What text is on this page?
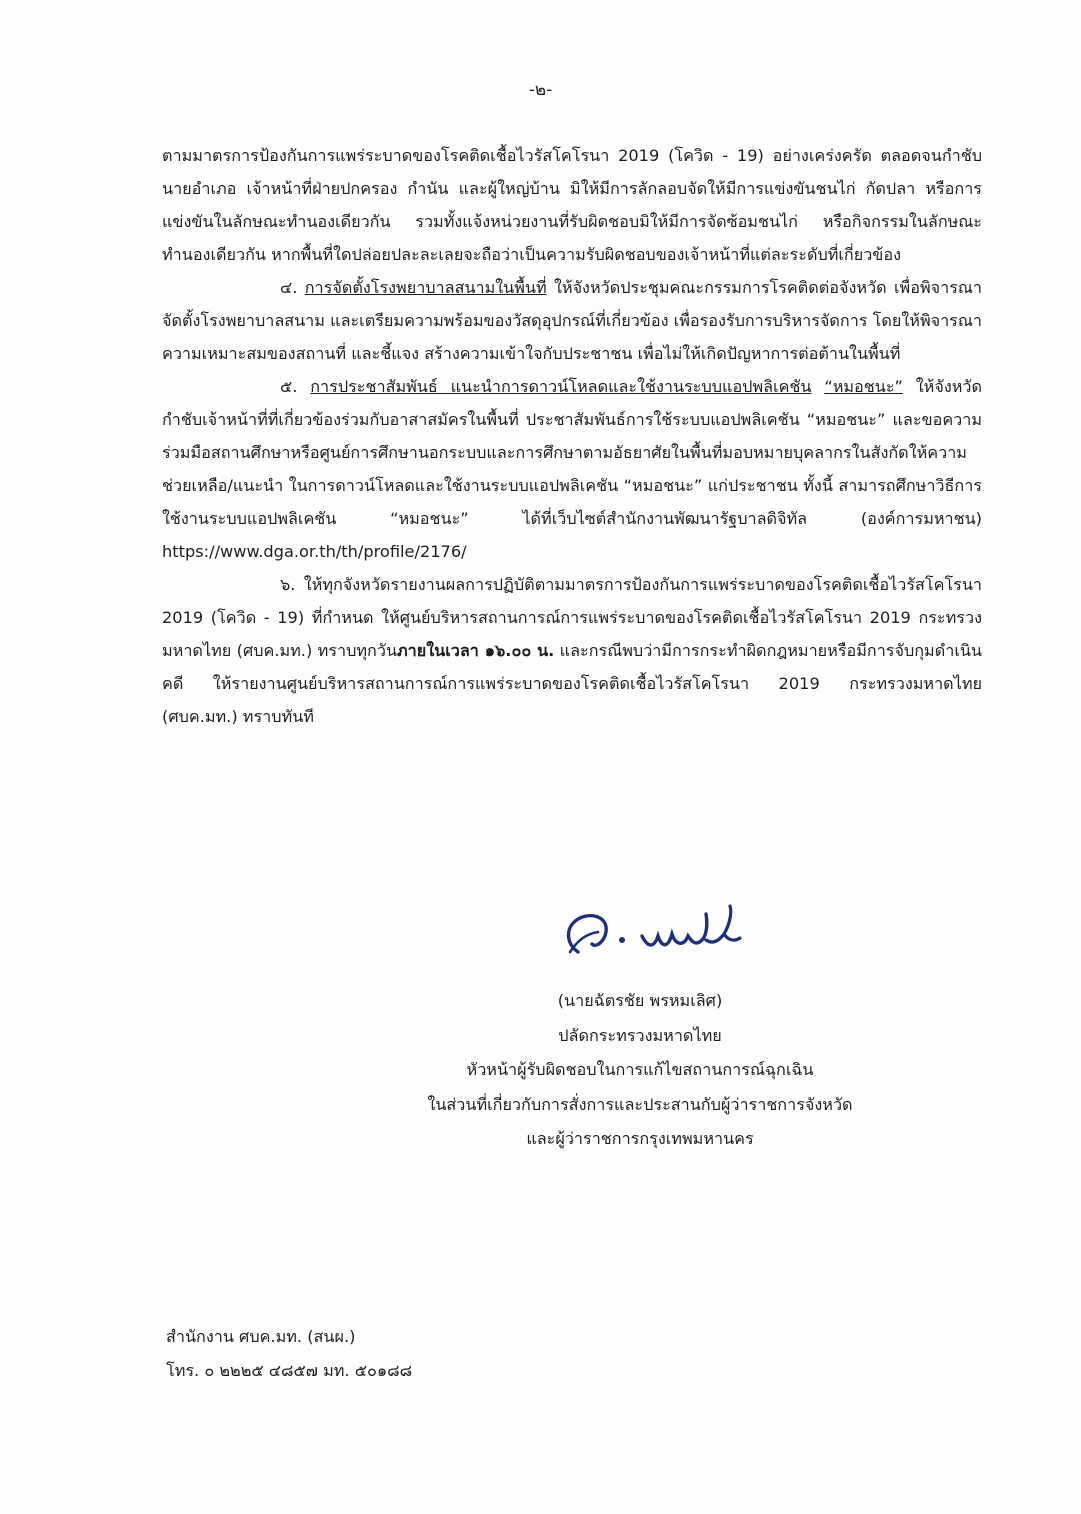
-๒-

ตามมาตรการป้องกันการแพร่ระบาดของโรคติดเชื้อไวรัสโคโรนา 2019 (โควิด - 19) อย่างเคร่งครัด ตลอดจนกำชับนายอำเภอ เจ้าหน้าที่ฝ่ายปกครอง กำนัน และผู้ใหญ่บ้าน มิให้มีการลักลอบจัดให้มีการแข่งขันชนไก่ กัดปลา หรือการแข่งขันในลักษณะทำนองเดียวกัน รวมทั้งแจ้งหน่วยงานที่รับผิดชอบมิให้มีการจัดซ้อมชนไก่ หรือกิจกรรมในลักษณะทำนองเดียวกัน หากพื้นที่ใดปล่อยปละละเลยจะถือว่าเป็นความรับผิดชอบของเจ้าหน้าที่แต่ละระดับที่เกี่ยวข้อง

๔. การจัดตั้งโรงพยาบาลสนามในพื้นที่ ให้จังหวัดประชุมคณะกรรมการโรคติดต่อจังหวัด เพื่อพิจารณาจัดตั้งโรงพยาบาลสนาม และเตรียมความพร้อมของวัสดุอุปกรณ์ที่เกี่ยวข้อง เพื่อรองรับการบริหารจัดการ โดยให้พิจารณาความเหมาะสมของสถานที่ และชี้แจง สร้างความเข้าใจกับประชาชน เพื่อไม่ให้เกิดปัญหาการต่อต้านในพื้นที่

๕. การประชาสัมพันธ์ แนะนำการดาวน์โหลดและใช้งานระบบแอปพลิเคชัน “หมอชนะ” ให้จังหวัดกำชับเจ้าหน้าที่ที่เกี่ยวข้องร่วมกับอาสาสมัครในพื้นที่ ประชาสัมพันธ์การใช้ระบบแอปพลิเคชัน “หมอชนะ” และขอความร่วมมือสถานศึกษาหรือศูนย์การศึกษานอกระบบและการศึกษาตามอัธยาศัยในพื้นที่มอบหมายบุคลากรในสังกัดให้ความช่วยเหลือ/แนะนำ ในการดาวน์โหลดและใช้งานระบบแอปพลิเคชัน “หมอชนะ” แก่ประชาชน ทั้งนี้ สามารถศึกษาวิธีการใช้งานระบบแอปพลิเคชัน “หมอชนะ” ได้ที่เว็บไซต์สำนักงานพัฒนารัฐบาลดิจิทัล (องค์การมหาชน) https://www.dga.or.th/th/profile/2176/

๖. ให้ทุกจังหวัดรายงานผลการปฏิบัติตามมาตรการป้องกันการแพร่ระบาดของโรคติดเชื้อไวรัสโคโรนา 2019 (โควิด - 19) ที่กำหนด ให้ศูนย์บริหารสถานการณ์การแพร่ระบาดของโรคติดเชื้อไวรัสโคโรนา 2019 กระทรวงมหาดไทย (ศบค.มท.) ทราบทุกวันภายในเวลา ๑๖.๐๐ น. และกรณีพบว่ามีการกระทำผิดกฎหมายหรือมีการจับกุมดำเนินคดี ให้รายงานศูนย์บริหารสถานการณ์การแพร่ระบาดของโรคติดเชื้อไวรัสโคโรนา 2019 กระทรวงมหาดไทย (ศบค.มท.) ทราบทันที

(นายฉัตรชัย พรหมเลิศ)
ปลัดกระทรวงมหาดไทย
หัวหน้าผู้รับผิดชอบในการแก้ไขสถานการณ์ฉุกเฉิน
ในส่วนที่เกี่ยวกับการสั่งการและประสานกับผู้ว่าราชการจังหวัด
และผู้ว่าราชการกรุงเทพมหานคร
สำนักงาน ศบค.มท. (สนผ.)
โทร. ๐ ๒๒๒๕ ๔๘๕๗ มท. ๕๐๑๘๘
